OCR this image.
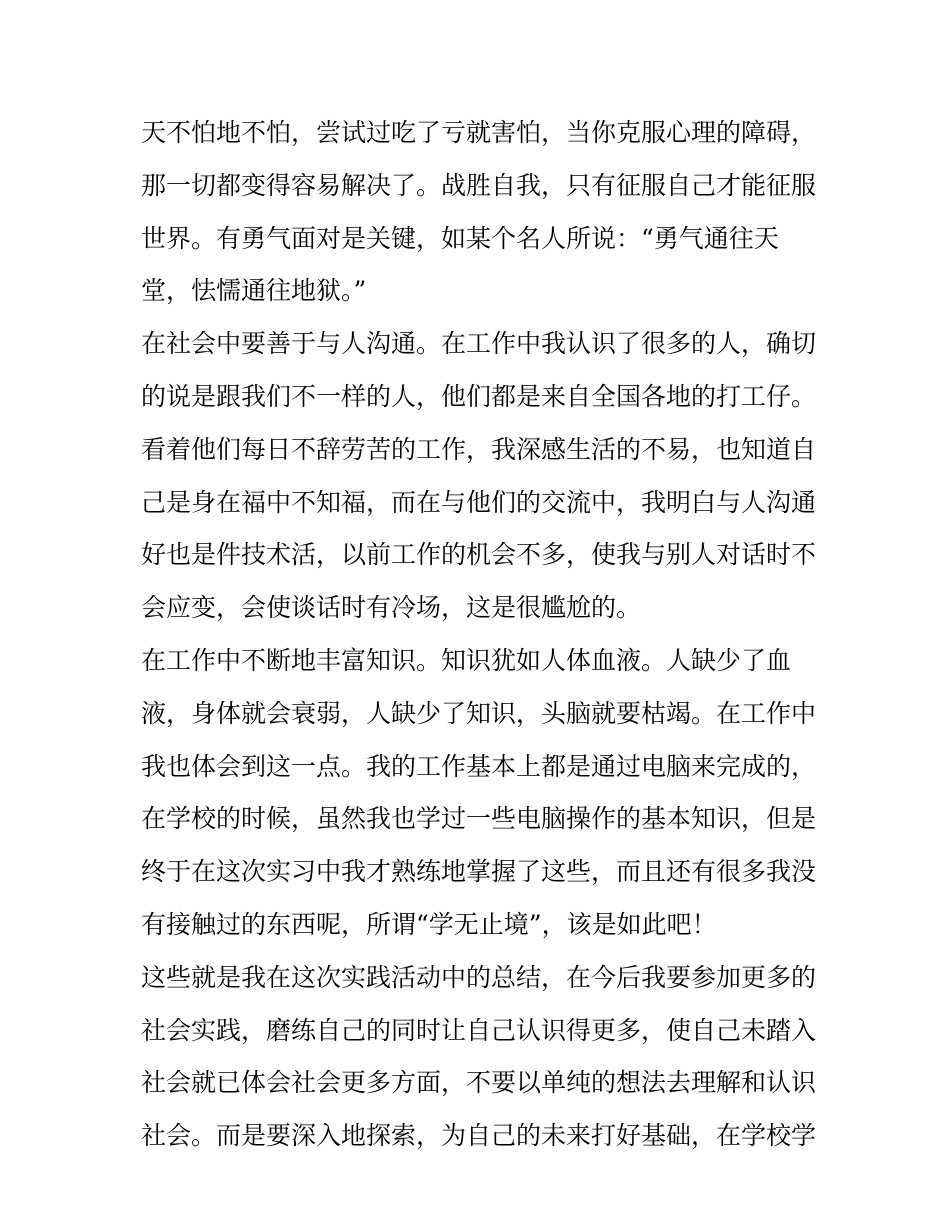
天不怕地不怕，尝试过吃了亏就害怕，当你克服心理的障碍，
那一切都变得容易解决了。战胜自我，只有征服自己才能征服
世界。有勇气面对是关键，如某个名人所说：“勇气通往天
堂，怯懦通往地狱。”
在社会中要善于与人沟通。在工作中我认识了很多的人，确切
的说是跟我们不一样的人，他们都是来自全国各地的打工仔。
看着他们每日不辞劳苦的工作，我深感生活的不易，也知道自
己是身在福中不知福，而在与他们的交流中，我明白与人沟通
好也是件技术活，以前工作的机会不多，使我与别人对话时不
会应变，会使谈话时有冷场，这是很尴尬的。
在工作中不断地丰富知识。知识犹如人体血液。人缺少了血
液，身体就会衰弱，人缺少了知识，头脑就要枯竭。在工作中
我也体会到这一点。我的工作基本上都是通过电脑来完成的，
在学校的时候，虽然我也学过一些电脑操作的基本知识，但是
终于在这次实习中我才熟练地掌握了这些，而且还有很多我没
有接触过的东西呢，所谓“学无止境”，该是如此吧！
这些就是我在这次实践活动中的总结，在今后我要参加更多的
社会实践，磨练自己的同时让自己认识得更多，使自己未踏入
社会就已体会社会更多方面，不要以单纯的想法去理解和认识
社会。而是要深入地探索，为自己的未来打好基础，在学校学
